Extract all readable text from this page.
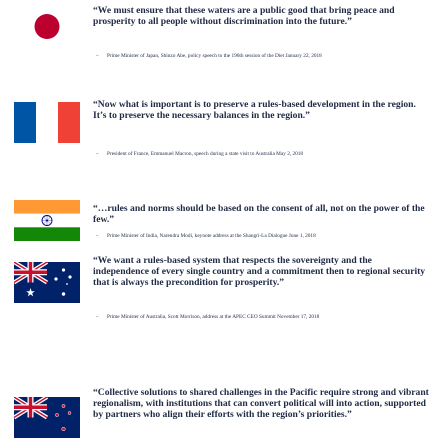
“We must ensure that these waters are a public good that bring peace and prosperity to all people without discrimination into the future.”

– Prime Minister of Japan, Shinzo Abe, policy speech to the 196th session of the Diet January 22, 2018

“Now what is important is to preserve a rules-based development in the region. It’s to preserve the necessary balances in the region.”

– President of France, Emmanuel Macron, speech during a state visit to Australia May 2, 2018

“…rules and norms should be based on the consent of all, not on the power of the few.”

– Prime Minister of India, Narendra Modi, keynote address at the Shangri-La Dialogue June 1, 2018

“We want a rules-based system that respects the sovereignty and the independence of every single country and a commitment then to regional security that is always the precondition for prosperity.”

– Prime Minister of Australia, Scott Morrison, address at the APEC CEO Summit November 17, 2018

“Collective solutions to shared challenges in the Pacific require strong and vibrant regionalism, with institutions that can convert political will into action, supported by partners who align their efforts with the region’s priorities.”
